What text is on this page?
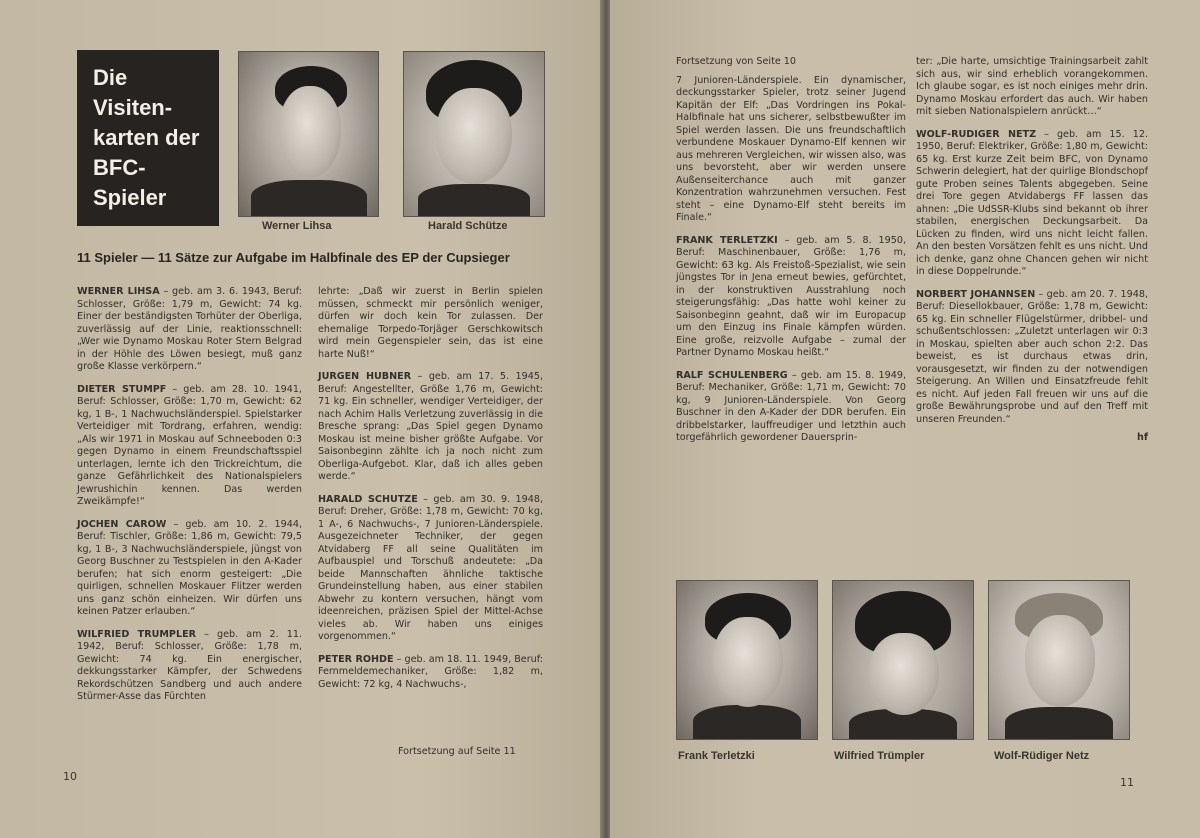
Die Visiten-
karten der
BFC-Spieler
Werner Lihsa	Harald Schütze
11 Spieler — 11 Sätze zur Aufgabe im Halbfinale des EP der Cupsieger

WERNER LIHSA – geb. am 3. 6. 1943, Beruf: Schlosser, Größe: 1,79 m, Gewicht: 74 kg. Einer der beständigsten Torhüter der Oberliga, zuverlässig auf der Linie, reaktionsschnell: „Wer wie Dynamo Moskau Roter Stern Belgrad in der Höhle des Löwen besiegt, muß ganz große Klasse verkörpern.“

DIETER STUMPF – geb. am 28. 10. 1941, Beruf: Schlosser, Größe: 1,70 m, Gewicht: 62 kg, 1 B-, 1 Nachwuchsländerspiel. Spielstarker Verteidiger mit Tordrang, erfahren, wendig: „Als wir 1971 in Moskau auf Schneeboden 0:3 gegen Dynamo in einem Freundschaftsspiel unterlagen, lernte ich den Trickreichtum, die ganze Gefährlichkeit des Nationalspielers Jewrushichin kennen. Das werden Zweikämpfe!“

JOCHEN CAROW – geb. am 10. 2. 1944, Beruf: Tischler, Größe: 1,86 m, Gewicht: 79,5 kg, 1 B-, 3 Nachwuchsländerspiele, jüngst von Georg Buschner zu Testspielen in den A-Kader berufen; hat sich enorm gesteigert: „Die quirligen, schnellen Moskauer Flitzer werden uns ganz schön einheizen. Wir dürfen uns keinen Patzer erlauben.“

WILFRIED TRUMPLER – geb. am 2. 11. 1942, Beruf: Schlosser, Größe: 1,78 m, Gewicht: 74 kg. Ein energischer, dekkungsstarker Kämpfer, der Schwedens Rekordschützen Sandberg und auch andere Stürmer-Asse das Fürchten

lehrte: „Daß wir zuerst in Berlin spielen müssen, schmeckt mir persönlich weniger, dürfen wir doch kein Tor zulassen. Der ehemalige Torpedo-Torjäger Gerschkowitsch wird mein Gegenspieler sein, das ist eine harte Nuß!“

JURGEN HUBNER – geb. am 17. 5. 1945, Beruf: Angestellter, Größe 1,76 m, Gewicht: 71 kg. Ein schneller, wendiger Verteidiger, der nach Achim Halls Verletzung zuverlässig in die Bresche sprang: „Das Spiel gegen Dynamo Moskau ist meine bisher größte Aufgabe. Vor Saisonbeginn zählte ich ja noch nicht zum Oberliga-Aufgebot. Klar, daß ich alles geben werde.“

HARALD SCHUTZE – geb. am 30. 9. 1948, Beruf: Dreher, Größe: 1,78 m, Gewicht: 70 kg, 1 A-, 6 Nachwuchs-, 7 Junioren-Länderspiele. Ausgezeichneter Techniker, der gegen Atvidaberg FF all seine Qualitäten im Aufbauspiel und Torschuß andeutete: „Da beide Mannschaften ähnliche taktische Grundeinstellung haben, aus einer stabilen Abwehr zu kontern versuchen, hängt vom ideenreichen, präzisen Spiel der Mittel-Achse vieles ab. Wir haben uns einiges vorgenommen.“

PETER ROHDE – geb. am 18. 11. 1949, Beruf: Fernmeldemechaniker, Größe: 1,82 m, Gewicht: 72 kg, 4 Nachwuchs-,

Fortsetzung auf Seite 11
10

Fortsetzung von Seite 10

7 Junioren-Länderspiele. Ein dynamischer, deckungsstarker Spieler, trotz seiner Jugend Kapitän der Elf: „Das Vordringen ins Pokal-Halbfinale hat uns sicherer, selbstbewußter im Spiel werden lassen. Die uns freundschaftlich verbundene Moskauer Dynamo-Elf kennen wir aus mehreren Vergleichen, wir wissen also, was uns bevorsteht, aber wir werden unsere Außenseiterchance auch mit ganzer Konzentration wahrzunehmen versuchen. Fest steht – eine Dynamo-Elf steht bereits im Finale.“

FRANK TERLETZKI – geb. am 5. 8. 1950, Beruf: Maschinenbauer, Größe: 1,76 m, Gewicht: 63 kg. Als Freistoß-Spezialist, wie sein jüngstes Tor in Jena erneut bewies, gefürchtet, in der konstruktiven Ausstrahlung noch steigerungsfähig: „Das hatte wohl keiner zu Saisonbeginn geahnt, daß wir im Europacup um den Einzug ins Finale kämpfen würden. Eine große, reizvolle Aufgabe – zumal der Partner Dynamo Moskau heißt.“

RALF SCHULENBERG – geb. am 15. 8. 1949, Beruf: Mechaniker, Größe: 1,71 m, Gewicht: 70 kg, 9 Junioren-Länderspiele. Von Georg Buschner in den A-Kader der DDR berufen. Ein dribbelstarker, lauffreudiger und letzthin auch torgefährlich gewordener Dauersprin-

ter: „Die harte, umsichtige Trainingsarbeit zahlt sich aus, wir sind erheblich vorangekommen. Ich glaube sogar, es ist noch einiges mehr drin. Dynamo Moskau erfordert das auch. Wir haben mit sieben Nationalspielern anrückt…“

WOLF-RUDIGER NETZ – geb. am 15. 12. 1950, Beruf: Elektriker, Größe: 1,80 m, Gewicht: 65 kg. Erst kurze Zeit beim BFC, von Dynamo Schwerin delegiert, hat der quirlige Blondschopf gute Proben seines Talents abgegeben. Seine drei Tore gegen Atvidabergs FF lassen das ahnen: „Die UdSSR-Klubs sind bekannt ob ihrer stabilen, energischen Deckungsarbeit. Da Lücken zu finden, wird uns nicht leicht fallen. An den besten Vorsätzen fehlt es uns nicht. Und ich denke, ganz ohne Chancen gehen wir nicht in diese Doppelrunde.“

NORBERT JOHANNSEN – geb. am 20. 7. 1948, Beruf: Diesellokbauer, Größe: 1,78 m, Gewicht: 65 kg. Ein schneller Flügelstürmer, dribbel- und schußentschlossen: „Zuletzt unterlagen wir 0:3 in Moskau, spielten aber auch schon 2:2. Das beweist, es ist durchaus etwas drin, vorausgesetzt, wir finden zu der notwendigen Steigerung. An Willen und Einsatzfreude fehlt es nicht. Auf jeden Fall freuen wir uns auf die große Bewährungsprobe und auf den Treff mit unseren Freunden.“

hf
Frank Terletzki	Wilfried Trümpler	Wolf-Rüdiger Netz
11
